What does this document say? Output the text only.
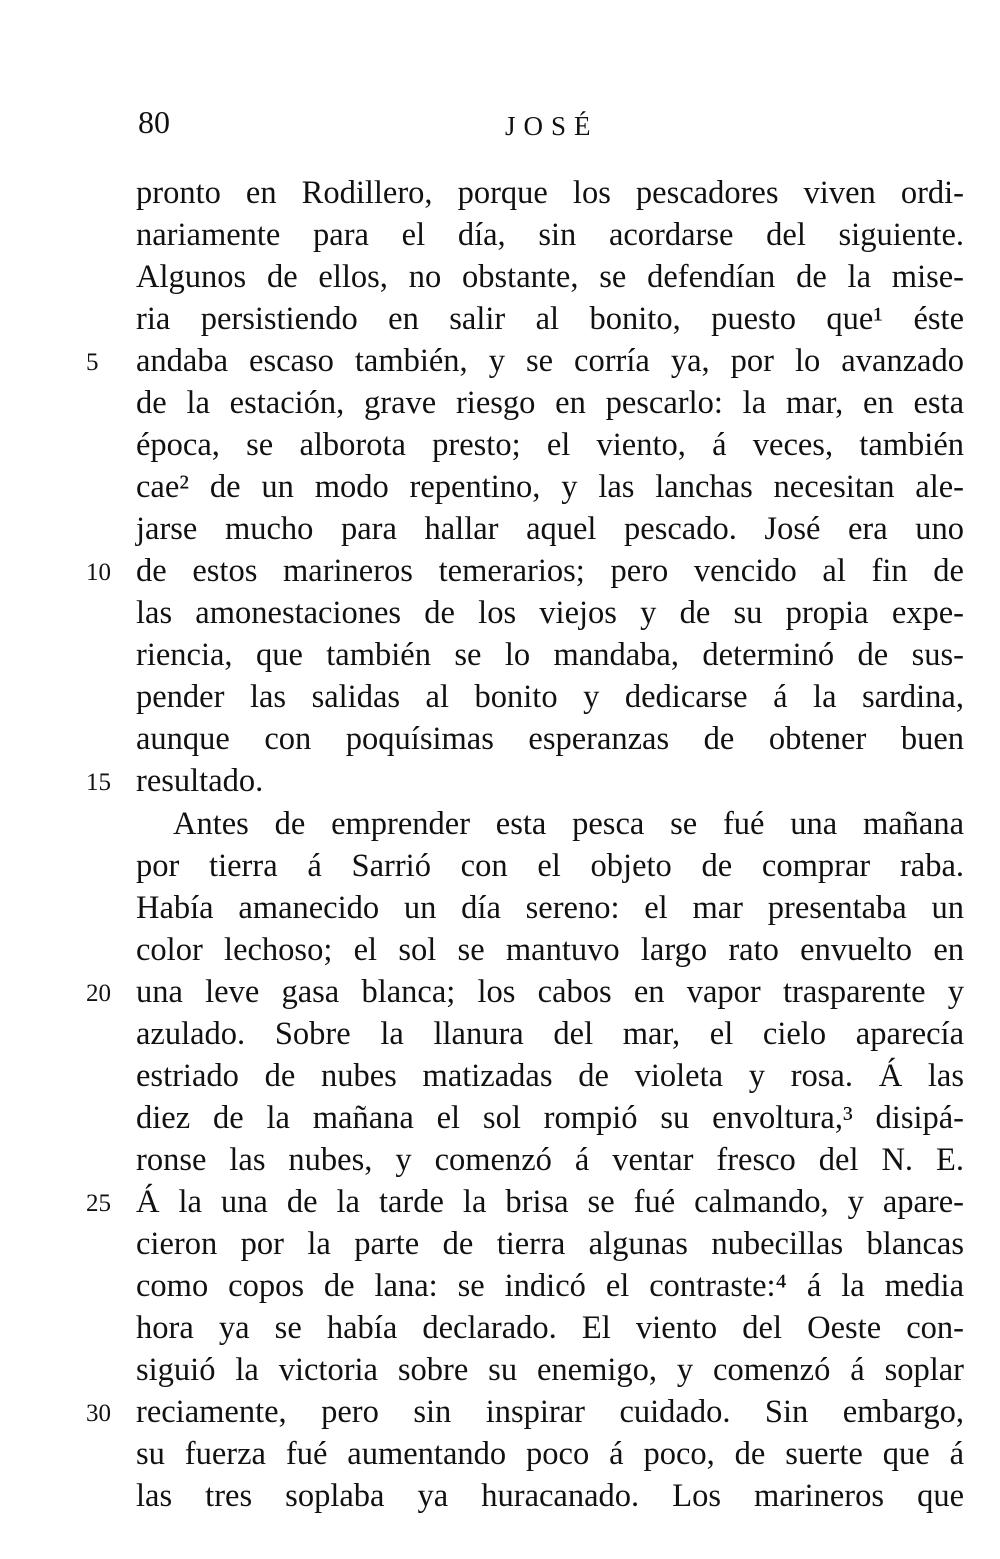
80	JOSÉ
pronto en Rodillero, porque los pescadores viven ordi-
nariamente para el día, sin acordarse del siguiente.
Algunos de ellos, no obstante, se defendían de la mise-
ria persistiendo en salir al bonito, puesto que¹ éste
andaba escaso también, y se corría ya, por lo avanzado
de la estación, grave riesgo en pescarlo: la mar, en esta
época, se alborota presto; el viento, á veces, también
cae² de un modo repentino, y las lanchas necesitan ale-
jarse mucho para hallar aquel pescado. José era uno
de estos marineros temerarios; pero vencido al fin de
las amonestaciones de los viejos y de su propia expe-
riencia, que también se lo mandaba, determinó de sus-
pender las salidas al bonito y dedicarse á la sardina,
aunque con poquísimas esperanzas de obtener buen
resultado.
Antes de emprender esta pesca se fué una mañana
por tierra á Sarrió con el objeto de comprar raba.
Había amanecido un día sereno: el mar presentaba un
color lechoso; el sol se mantuvo largo rato envuelto en
una leve gasa blanca; los cabos en vapor trasparente y
azulado. Sobre la llanura del mar, el cielo aparecía
estriado de nubes matizadas de violeta y rosa. Á las
diez de la mañana el sol rompió su envoltura,³ disipá-
ronse las nubes, y comenzó á ventar fresco del N. E.
Á la una de la tarde la brisa se fué calmando, y apare-
cieron por la parte de tierra algunas nubecillas blancas
como copos de lana: se indicó el contraste:⁴ á la media
hora ya se había declarado. El viento del Oeste con-
siguió la victoria sobre su enemigo, y comenzó á soplar
reciamente, pero sin inspirar cuidado. Sin embargo,
su fuerza fué aumentando poco á poco, de suerte que á
las tres soplaba ya huracanado. Los marineros que
5
10
15
20
25
30
